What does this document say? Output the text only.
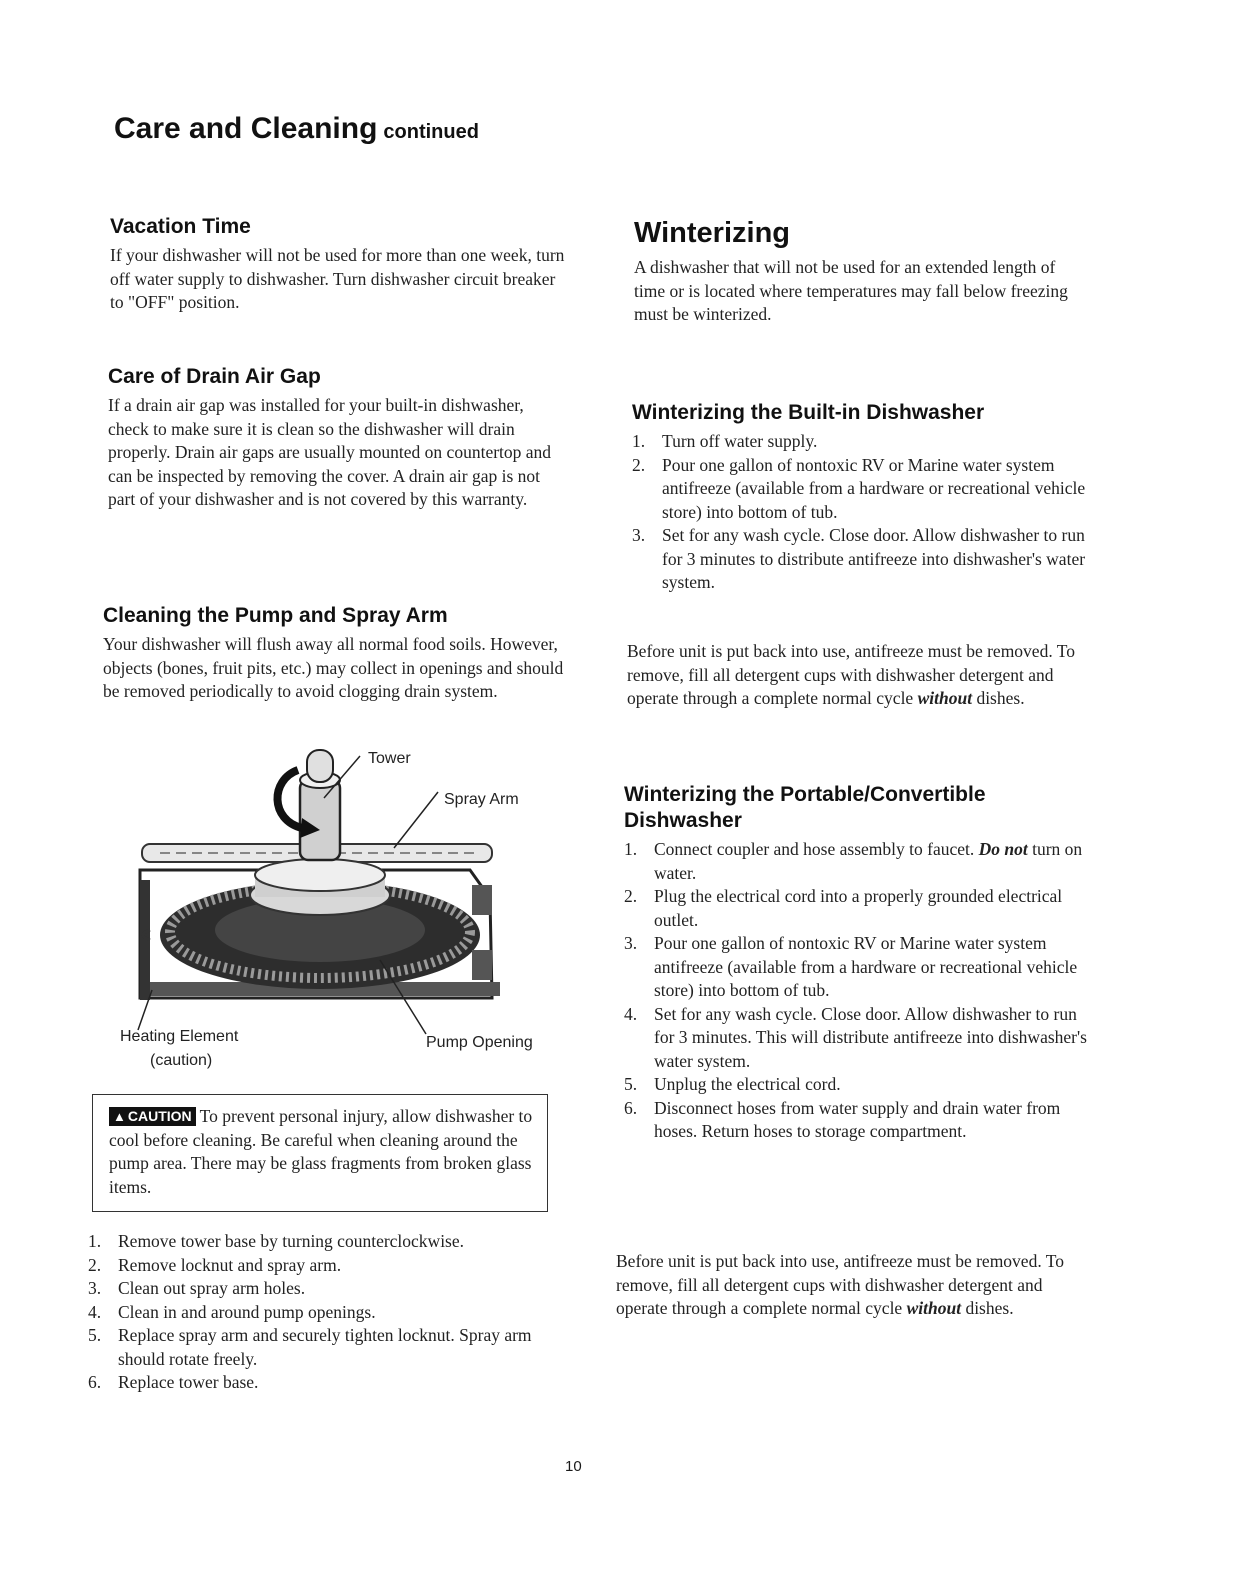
Care and Cleaning continued
Vacation Time

If your dishwasher will not be used for more than one week, turn off water supply to dishwasher. Turn dishwasher circuit breaker to "OFF" position.

Care of Drain Air Gap

If a drain air gap was installed for your built-in dishwasher, check to make sure it is clean so the dishwasher will drain properly. Drain air gaps are usually mounted on countertop and can be inspected by removing the cover. A drain air gap is not part of your dishwasher and is not covered by this warranty.

Cleaning the Pump and Spray Arm

Your dishwasher will flush away all normal food soils. However, objects (bones, fruit pits, etc.) may collect in openings and should be removed periodically to avoid clogging drain system.

Tower
Spray Arm
Heating Element
(caution)
Pump Opening
▲ CAUTION To prevent personal injury, allow dishwasher to cool before cleaning. Be careful when cleaning around the pump area. There may be glass fragments from broken glass items.
1. Remove tower base by turning counterclockwise.
2. Remove locknut and spray arm.
3. Clean out spray arm holes.
4. Clean in and around pump openings.
5. Replace spray arm and securely tighten locknut. Spray arm should rotate freely.
6. Replace tower base.
Winterizing

A dishwasher that will not be used for an extended length of time or is located where temperatures may fall below freezing must be winterized.

Winterizing the Built-in Dishwasher
1. Turn off water supply.
2. Pour one gallon of nontoxic RV or Marine water system antifreeze (available from a hardware or recreational vehicle store) into bottom of tub.
3. Set for any wash cycle. Close door. Allow dishwasher to run for 3 minutes to distribute antifreeze into dishwasher's water system.

Before unit is put back into use, antifreeze must be removed. To remove, fill all detergent cups with dishwasher detergent and operate through a complete normal cycle without dishes.

Winterizing the Portable/Convertible
Dishwasher
1. Connect coupler and hose assembly to faucet. Do not turn on water.
2. Plug the electrical cord into a properly grounded electrical outlet.
3. Pour one gallon of nontoxic RV or Marine water system antifreeze (available from a hardware or recreational vehicle store) into bottom of tub.
4. Set for any wash cycle. Close door. Allow dishwasher to run for 3 minutes. This will distribute antifreeze into dishwasher's water system.
5. Unplug the electrical cord.
6. Disconnect hoses from water supply and drain water from hoses. Return hoses to storage compartment.

Before unit is put back into use, antifreeze must be removed. To remove, fill all detergent cups with dishwasher detergent and operate through a complete normal cycle without dishes.

10
